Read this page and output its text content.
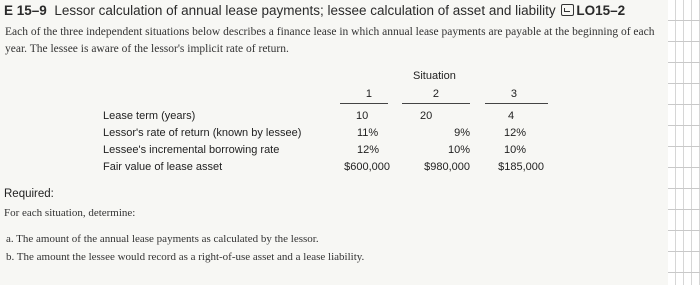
E 15–9 Lessor calculation of annual lease payments; lessee calculation of asset and liability LO15–2
Each of the three independent situations below describes a finance lease in which annual lease payments are payable at the beginning of each year. The lessee is aware of the lessor's implicit rate of return.
Situation
1	2	3
Lease term (years)
Lessor's rate of return (known by lessee)
Lessee's incremental borrowing rate
Fair value of lease asset
10
11%
12%
$600,000
20
9%
10%
$980,000
4
12%
10%
$185,000
Required:
For each situation, determine:
a. The amount of the annual lease payments as calculated by the lessor.
b. The amount the lessee would record as a right-of-use asset and a lease liability.
